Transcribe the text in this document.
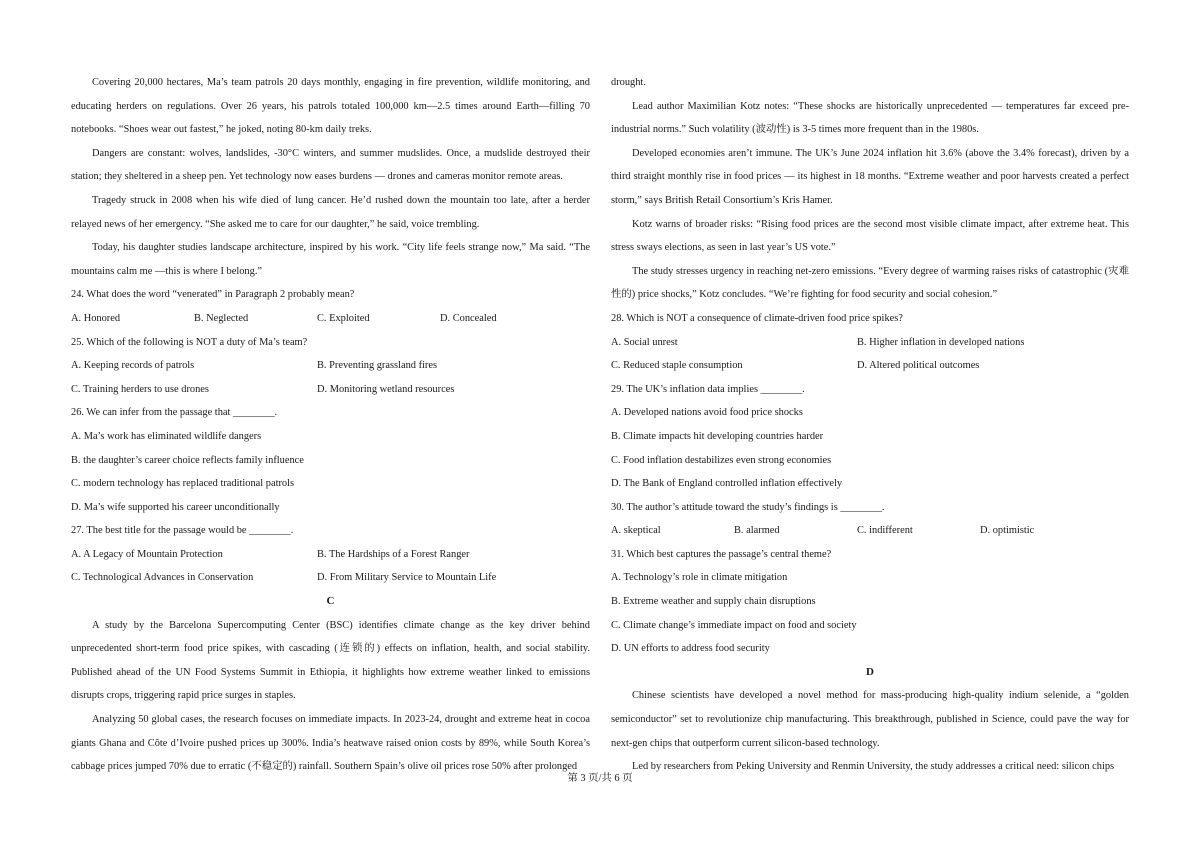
Covering 20,000 hectares, Ma’s team patrols 20 days monthly, engaging in fire prevention, wildlife monitoring, and educating herders on regulations. Over 26 years, his patrols totaled 100,000 km—2.5 times around Earth—filling 70 notebooks. “Shoes wear out fastest,” he joked, noting 80-km daily treks.

Dangers are constant: wolves, landslides, -30°C winters, and summer mudslides. Once, a mudslide destroyed their station; they sheltered in a sheep pen. Yet technology now eases burdens — drones and cameras monitor remote areas.

Tragedy struck in 2008 when his wife died of lung cancer. He’d rushed down the mountain too late, after a herder relayed news of her emergency. “She asked me to care for our daughter,” he said, voice trembling.

Today, his daughter studies landscape architecture, inspired by his work. “City life feels strange now,” Ma said. “The mountains calm me —this is where I belong.”

24. What does the word “venerated” in Paragraph 2 probably mean?

A. Honored	B. Neglected	C. Exploited	D. Concealed

25. Which of the following is NOT a duty of Ma’s team?

A. Keeping records of patrols	B. Preventing grassland fires
C. Training herders to use drones	D. Monitoring wetland resources

26. We can infer from the passage that ________.

A. Ma’s work has eliminated wildlife dangers

B. the daughter’s career choice reflects family influence

C. modern technology has replaced traditional patrols

D. Ma’s wife supported his career unconditionally

27. The best title for the passage would be ________.

A. A Legacy of Mountain Protection	B. The Hardships of a Forest Ranger
C. Technological Advances in Conservation	D. From Military Service to Mountain Life

C

A study by the Barcelona Supercomputing Center (BSC) identifies climate change as the key driver behind unprecedented short-term food price spikes, with cascading (连锁的) effects on inflation, health, and social stability. Published ahead of the UN Food Systems Summit in Ethiopia, it highlights how extreme weather linked to emissions disrupts crops, triggering rapid price surges in staples.

Analyzing 50 global cases, the research focuses on immediate impacts. In 2023-24, drought and extreme heat in cocoa giants Ghana and Côte d’Ivoire pushed prices up 300%. India’s heatwave raised onion costs by 89%, while South Korea’s cabbage prices jumped 70% due to erratic (不稳定的) rainfall. Southern Spain’s olive oil prices rose 50% after prolonged

drought.

Lead author Maximilian Kotz notes: “These shocks are historically unprecedented — temperatures far exceed pre-industrial norms.” Such volatility (波动性) is 3-5 times more frequent than in the 1980s.

Developed economies aren’t immune. The UK’s June 2024 inflation hit 3.6% (above the 3.4% forecast), driven by a third straight monthly rise in food prices — its highest in 18 months. “Extreme weather and poor harvests created a perfect storm,” says British Retail Consortium’s Kris Hamer.

Kotz warns of broader risks: “Rising food prices are the second most visible climate impact, after extreme heat. This stress sways elections, as seen in last year’s US vote.”

The study stresses urgency in reaching net-zero emissions. “Every degree of warming raises risks of catastrophic (灾难性的) price shocks,” Kotz concludes. “We’re fighting for food security and social cohesion.”

28. Which is NOT a consequence of climate-driven food price spikes?

A. Social unrest	B. Higher inflation in developed nations
C. Reduced staple consumption	D. Altered political outcomes

29. The UK’s inflation data implies ________.

A. Developed nations avoid food price shocks

B. Climate impacts hit developing countries harder

C. Food inflation destabilizes even strong economies

D. The Bank of England controlled inflation effectively

30. The author’s attitude toward the study’s findings is ________.

A. skeptical	B. alarmed	C. indifferent	D. optimistic

31. Which best captures the passage’s central theme?

A. Technology’s role in climate mitigation

B. Extreme weather and supply chain disruptions

C. Climate change’s immediate impact on food and society

D. UN efforts to address food security

D

Chinese scientists have developed a novel method for mass-producing high-quality indium selenide, a “golden semiconductor” set to revolutionize chip manufacturing. This breakthrough, published in Science, could pave the way for next-gen chips that outperform current silicon-based technology.

Led by researchers from Peking University and Renmin University, the study addresses a critical need: silicon chips

第 3 页/共 6 页
